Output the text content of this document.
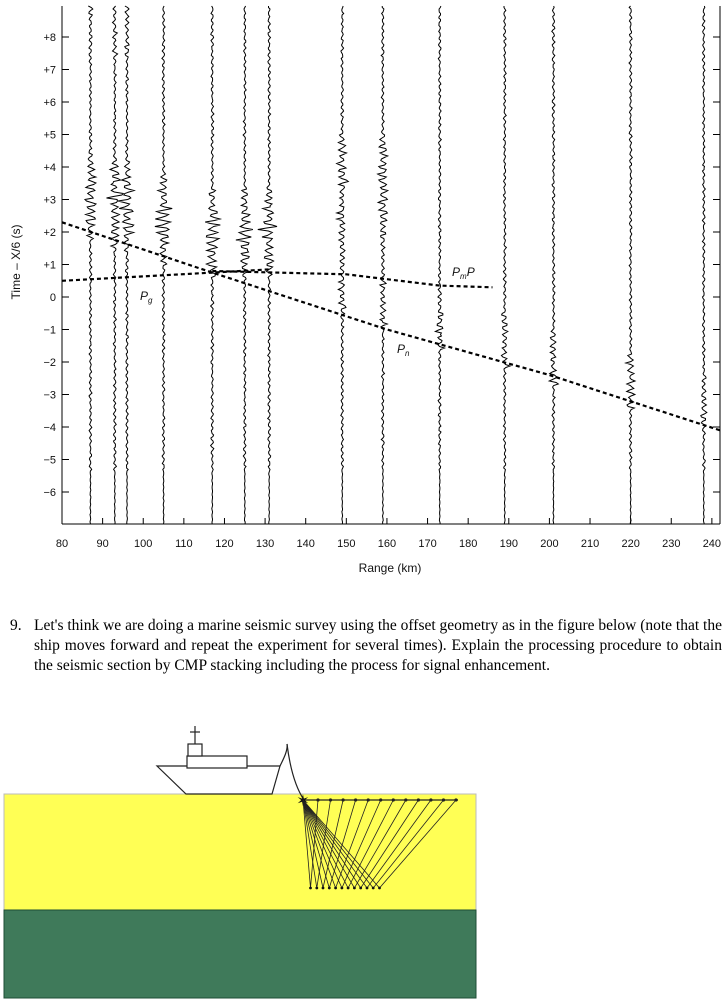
+8
+7
+6
+5
+4
+3
+2
+1
0
−1
−2
−3
−4
−5
−6
80	90 100 110 120 130 140 150 160 170 180 190 200 210 220 230 240
Time – X/6 (s)
Range (km)
$P_g$
$P_mP$
$P_n$
9. Let's think we are doing a marine seismic survey using the offset geometry as in the figure below (note that the ship moves forward and repeat the experiment for several times). Explain the processing procedure to obtain the seismic section by CMP stacking including the process for signal enhancement.
✶
